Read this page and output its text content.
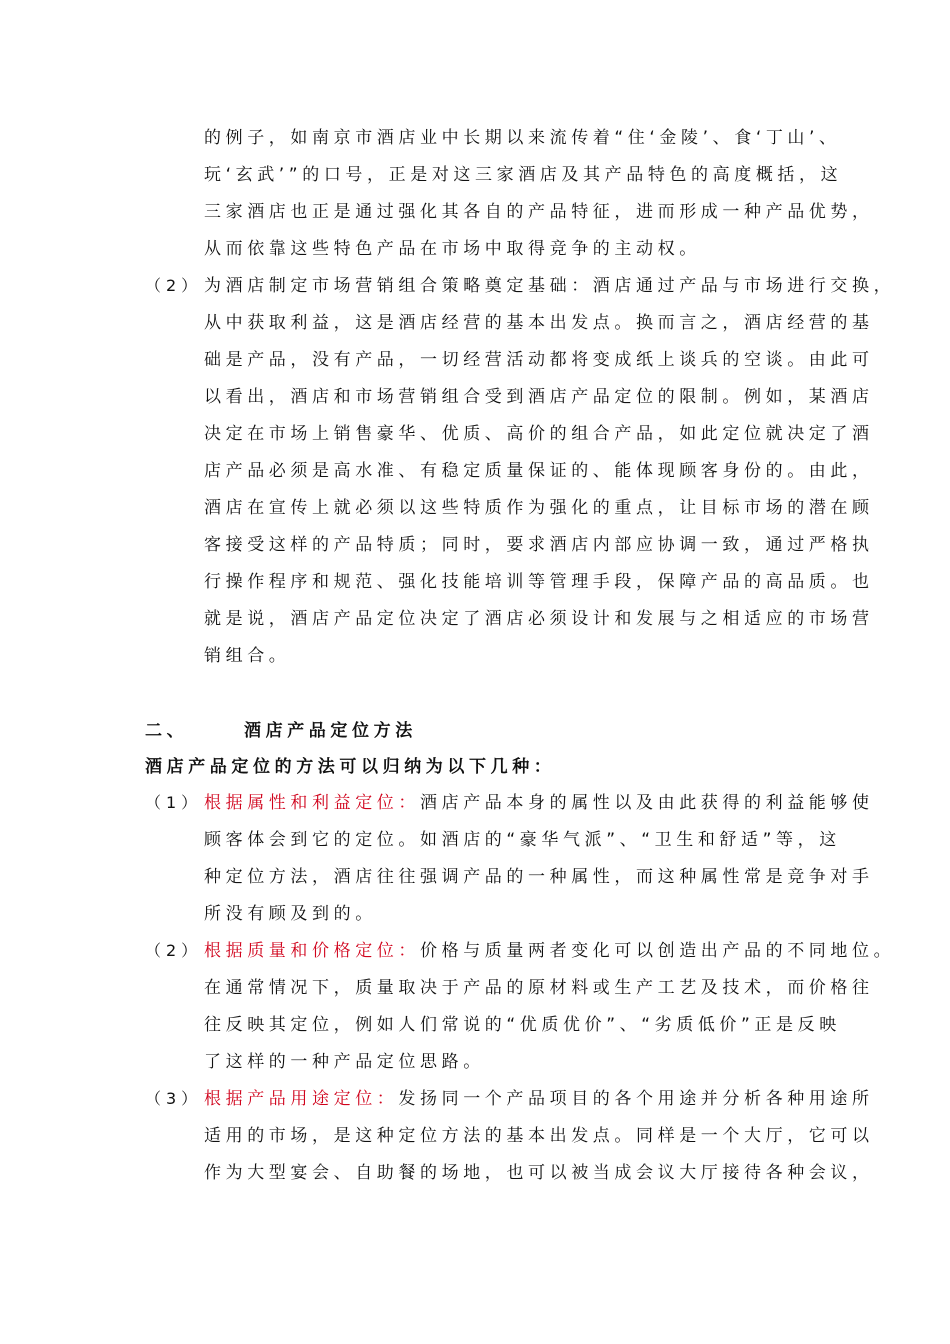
的例子，如南京市酒店业中长期以来流传着“住‘金陵’、食‘丁山’、
玩‘玄武’”的口号，正是对这三家酒店及其产品特色的高度概括，这
三家酒店也正是通过强化其各自的产品特征，进而形成一种产品优势，
从而依靠这些特色产品在市场中取得竞争的主动权。
（2） 为酒店制定市场营销组合策略奠定基础：酒店通过产品与市场进行交换，
从中获取利益，这是酒店经营的基本出发点。换而言之，酒店经营的基
础是产品，没有产品，一切经营活动都将变成纸上谈兵的空谈。由此可
以看出，酒店和市场营销组合受到酒店产品定位的限制。例如，某酒店
决定在市场上销售豪华、优质、高价的组合产品，如此定位就决定了酒
店产品必须是高水准、有稳定质量保证的、能体现顾客身份的。由此，
酒店在宣传上就必须以这些特质作为强化的重点，让目标市场的潜在顾
客接受这样的产品特质；同时，要求酒店内部应协调一致，通过严格执
行操作程序和规范、强化技能培训等管理手段，保障产品的高品质。也
就是说，酒店产品定位决定了酒店必须设计和发展与之相适应的市场营
销组合。
二、	酒店产品定位方法
酒店产品定位的方法可以归纳为以下几种：
（1） 根据属性和利益定位：酒店产品本身的属性以及由此获得的利益能够使
顾客体会到它的定位。如酒店的“豪华气派”、“卫生和舒适”等，这
种定位方法，酒店往往强调产品的一种属性，而这种属性常是竞争对手
所没有顾及到的。
（2） 根据质量和价格定位：价格与质量两者变化可以创造出产品的不同地位。
在通常情况下，质量取决于产品的原材料或生产工艺及技术，而价格往
往反映其定位，例如人们常说的“优质优价”、“劣质低价”正是反映
了这样的一种产品定位思路。
（3） 根据产品用途定位：发扬同一个产品项目的各个用途并分析各种用途所
适用的市场，是这种定位方法的基本出发点。同样是一个大厅，它可以
作为大型宴会、自助餐的场地，也可以被当成会议大厅接待各种会议，
